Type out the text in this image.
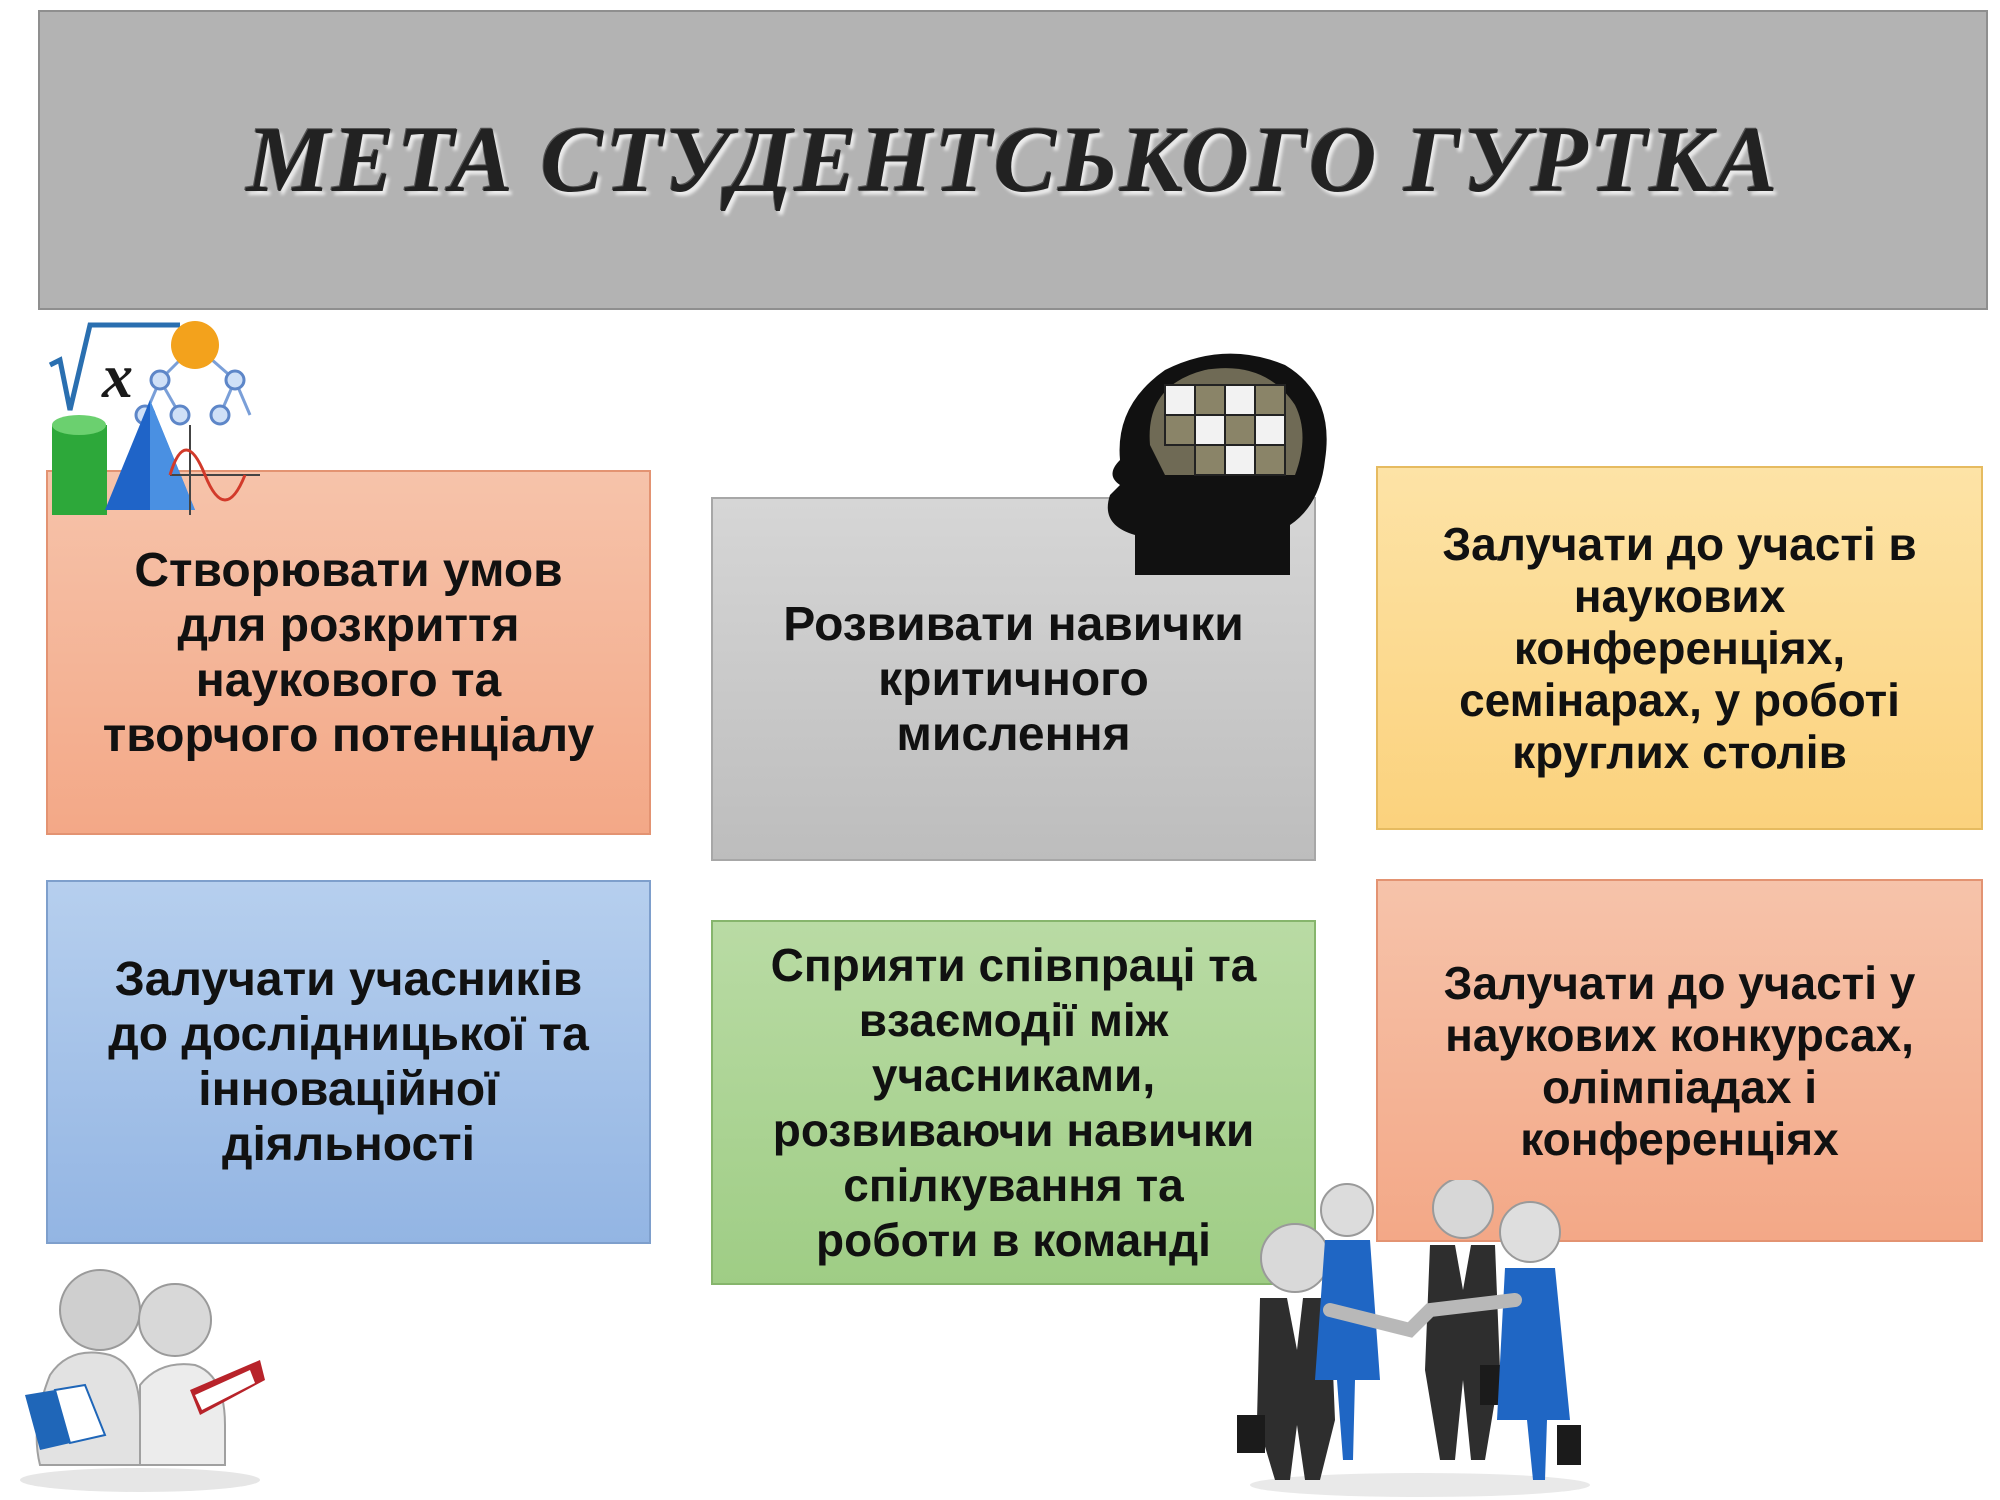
МЕТА СТУДЕНТСЬКОГО ГУРТКА
Створювати умов
для розкриття
наукового та
творчого потенціалу
Розвивати навички
критичного
мислення
Залучати до участі в
наукових
конференціях,
семінарах, у роботі
круглих столів
Залучати учасників
до дослідницької та
інноваційної
діяльності
Сприяти співпраці та
взаємодії між
учасниками,
розвиваючи навички
спілкування та
роботи в команді
Залучати до участі у
наукових конкурсах,
олімпіадах і
конференціях
x
